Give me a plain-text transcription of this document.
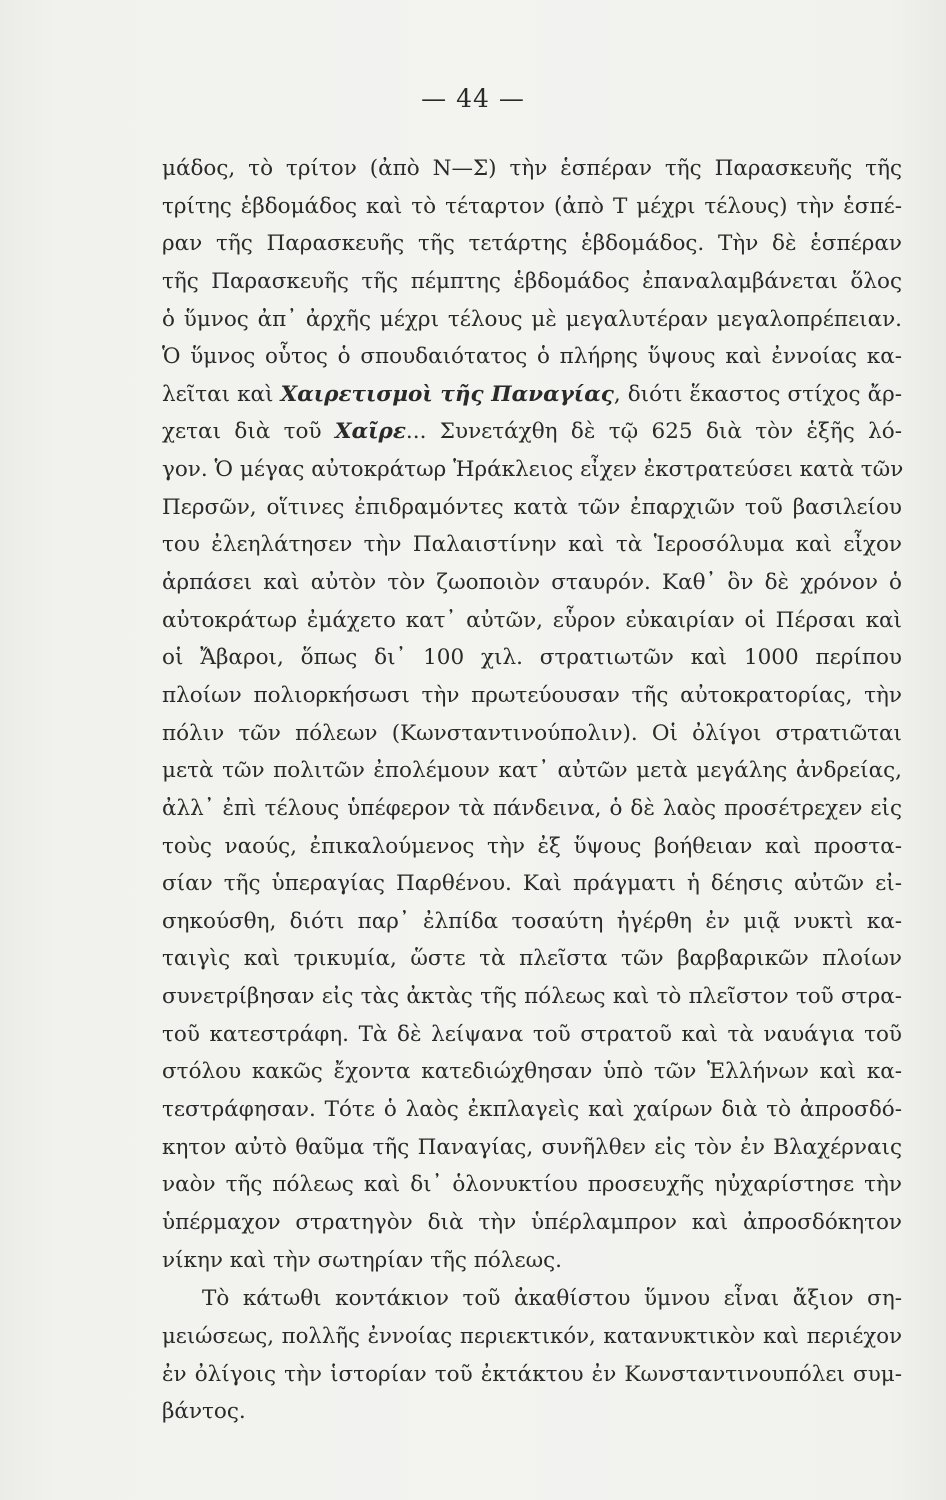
— 44 —
μάδος, τὸ τρίτον (ἀπὸ Ν—Σ) τὴν ἑσπέραν τῆς Παρασκευῆς τῆς
τρίτης ἑβδομάδος καὶ τὸ τέταρτον (ἀπὸ Τ μέχρι τέλους) τὴν ἑσπέ-
ραν τῆς Παρασκευῆς τῆς τετάρτης ἑβδομάδος. Τὴν δὲ ἑσπέραν
τῆς Παρασκευῆς τῆς πέμπτης ἑβδομάδος ἐπαναλαμβάνεται ὅλος
ὁ ὕμνος ἀπ᾽ ἀρχῆς μέχρι τέλους μὲ μεγαλυτέραν μεγαλοπρέπειαν.
Ὁ ὕμνος οὗτος ὁ σπουδαιότατος ὁ πλήρης ὕψους καὶ ἐννοίας κα-
λεῖται καὶ Χαιρετισμοὶ τῆς Παναγίας, διότι ἕκαστος στίχος ἄρ-
χεται διὰ τοῦ Χαῖρε... Συνετάχθη δὲ τῷ 625 διὰ τὸν ἑξῆς λό-
γον. Ὁ μέγας αὐτοκράτωρ Ἡράκλειος εἶχεν ἐκστρατεύσει κατὰ τῶν
Περσῶν, οἵτινες ἐπιδραμόντες κατὰ τῶν ἐπαρχιῶν τοῦ βασιλείου
του ἐλεηλάτησεν τὴν Παλαιστίνην καὶ τὰ Ἱεροσόλυμα καὶ εἶχον
ἁρπάσει καὶ αὐτὸν τὸν ζωοποιὸν σταυρόν. Καθ᾽ ὃν δὲ χρόνον ὁ
αὐτοκράτωρ ἐμάχετο κατ᾽ αὐτῶν, εὗρον εὐκαιρίαν οἱ Πέρσαι καὶ
οἱ Ἄβαροι, ὅπως δι᾽ 100 χιλ. στρατιωτῶν καὶ 1000 περίπου
πλοίων πολιορκήσωσι τὴν πρωτεύουσαν τῆς αὐτοκρατορίας, τὴν
πόλιν τῶν πόλεων (Κωνσταντινούπολιν). Οἱ ὀλίγοι στρατιῶται
μετὰ τῶν πολιτῶν ἐπολέμουν κατ᾽ αὐτῶν μετὰ μεγάλης ἀνδρείας,
ἀλλ᾽ ἐπὶ τέλους ὑπέφερον τὰ πάνδεινα, ὁ δὲ λαὸς προσέτρεχεν εἰς
τοὺς ναούς, ἐπικαλούμενος τὴν ἐξ ὕψους βοήθειαν καὶ προστα-
σίαν τῆς ὑπεραγίας Παρθένου. Καὶ πράγματι ἡ δέησις αὐτῶν εἰ-
σηκούσθη, διότι παρ᾽ ἐλπίδα τοσαύτη ἠγέρθη ἐν μιᾷ νυκτὶ κα-
ταιγὶς καὶ τρικυμία, ὥστε τὰ πλεῖστα τῶν βαρβαρικῶν πλοίων
συνετρίβησαν εἰς τὰς ἀκτὰς τῆς πόλεως καὶ τὸ πλεῖστον τοῦ στρα-
τοῦ κατεστράφη. Τὰ δὲ λείψανα τοῦ στρατοῦ καὶ τὰ ναυάγια τοῦ
στόλου κακῶς ἔχοντα κατεδιώχθησαν ὑπὸ τῶν Ἑλλήνων καὶ κα-
τεστράφησαν. Τότε ὁ λαὸς ἐκπλαγεὶς καὶ χαίρων διὰ τὸ ἀπροσδό-
κητον αὐτὸ θαῦμα τῆς Παναγίας, συνῆλθεν εἰς τὸν ἐν Βλαχέρναις
ναὸν τῆς πόλεως καὶ δι᾽ ὁλονυκτίου προσευχῆς ηὐχαρίστησε τὴν
ὑπέρμαχον στρατηγὸν διὰ τὴν ὑπέρλαμπρον καὶ ἀπροσδόκητον
νίκην καὶ τὴν σωτηρίαν τῆς πόλεως.
Τὸ κάτωθι κοντάκιον τοῦ ἀκαθίστου ὕμνου εἶναι ἄξιον ση-
μειώσεως, πολλῆς ἐννοίας περιεκτικόν, κατανυκτικὸν καὶ περιέχον
ἐν ὀλίγοις τὴν ἱστορίαν τοῦ ἐκτάκτου ἐν Κωνσταντινουπόλει συμ-
βάντος.
